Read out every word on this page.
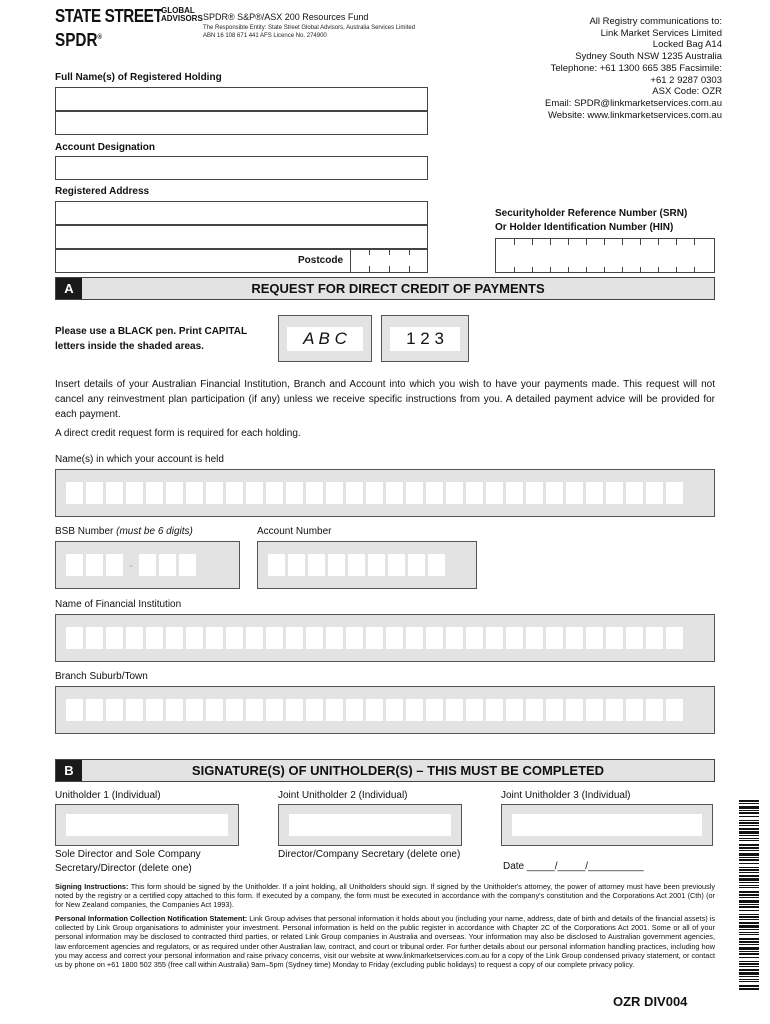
STATE STREET
GLOBAL
ADVISORS
SPDR®
SPDR® S&P®/ASX 200 Resources Fund
The Responsible Entity: State Street Global Advisors, Australia Services Limited
ABN 16 108 671 441 AFS Licence No. 274900
All Registry communications to:
Link Market Services Limited
Locked Bag A14
Sydney South NSW 1235 Australia
Telephone: +61 1300 665 385 Facsimile:
+61 2 9287 0303
ASX Code: OZR
Email: SPDR@linkmarketservices.com.au
Website: www.linkmarketservices.com.au
Full Name(s) of Registered Holding
Account Designation
Registered Address
Postcode
Securityholder Reference Number (SRN)
Or Holder Identification Number (HIN)
A	REQUEST FOR DIRECT CREDIT OF PAYMENTS
Please use a BLACK pen. Print CAPITAL
letters inside the shaded areas.	A B C	1 2 3
Insert details of your Australian Financial Institution, Branch and Account into which you wish to have your payments made. This request will not cancel any reinvestment plan participation (if any) unless we receive specific instructions from you. A detailed payment advice will be provided for each payment.
A direct credit request form is required for each holding.
Name(s) in which your account is held
BSB Number (must be 6 digits)
-
Account Number
Name of Financial Institution
Branch Suburb/Town
B	SIGNATURE(S) OF UNITHOLDER(S) – THIS MUST BE COMPLETED
Unitholder 1 (Individual)	Joint Unitholder 2 (Individual)	Joint Unitholder 3 (Individual)
Sole Director and Sole Company
Secretary/Director (delete one)
Director/Company Secretary (delete one)
Date _____/_____/__________
Signing Instructions: This form should be signed by the Unitholder. If a joint holding, all Unitholders should sign. If signed by the Unitholder's attorney, the power of attorney must have been previously noted by the registry or a certified copy attached to this form. If executed by a company, the form must be executed in accordance with the company's constitution and the Corporations Act 2001 (Cth) (or for New Zealand companies, the Companies Act 1993).
Personal Information Collection Notification Statement: Link Group advises that personal information it holds about you (including your name, address, date of birth and details of the financial assets) is collected by Link Group organisations to administer your investment. Personal information is held on the public register in accordance with Chapter 2C of the Corporations Act 2001. Some or all of your personal information may be disclosed to contracted third parties, or related Link Group companies in Australia and overseas. Your information may also be disclosed to Australian government agencies, law enforcement agencies and regulators, or as required under other Australian law, contract, and court or tribunal order. For further details about our personal information handling practices, including how you may access and correct your personal information and raise privacy concerns, visit our website at www.linkmarketservices.com.au for a copy of the Link Group condensed privacy statement, or contact us by phone on +61 1800 502 355 (free call within Australia) 9am–5pm (Sydney time) Monday to Friday (excluding public holidays) to request a copy of our complete privacy policy.
OZR DIV004
